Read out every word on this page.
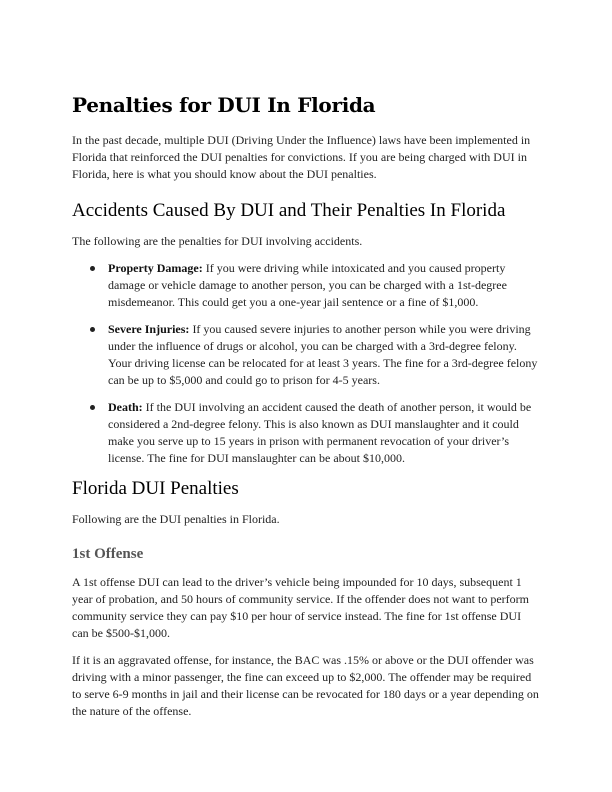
Penalties for DUI In Florida

In the past decade, multiple DUI (Driving Under the Influence) laws have been implemented in Florida that reinforced the DUI penalties for convictions. If you are being charged with DUI in Florida, here is what you should know about the DUI penalties.

Accidents Caused By DUI and Their Penalties In Florida

The following are the penalties for DUI involving accidents.

Property Damage: If you were driving while intoxicated and you caused property damage or vehicle damage to another person, you can be charged with a 1st-degree misdemeanor. This could get you a one-year jail sentence or a fine of $1,000.
Severe Injuries: If you caused severe injuries to another person while you were driving under the influence of drugs or alcohol, you can be charged with a 3rd-degree felony. Your driving license can be relocated for at least 3 years. The fine for a 3rd-degree felony can be up to $5,000 and could go to prison for 4-5 years.
Death: If the DUI involving an accident caused the death of another person, it would be considered a 2nd-degree felony. This is also known as DUI manslaughter and it could make you serve up to 15 years in prison with permanent revocation of your driver’s license. The fine for DUI manslaughter can be about $10,000.
Florida DUI Penalties

Following are the DUI penalties in Florida.

1st Offense

A 1st offense DUI can lead to the driver’s vehicle being impounded for 10 days, subsequent 1 year of probation, and 50 hours of community service. If the offender does not want to perform community service they can pay $10 per hour of service instead. The fine for 1st offense DUI can be $500-$1,000.

If it is an aggravated offense, for instance, the BAC was .15% or above or the DUI offender was driving with a minor passenger, the fine can exceed up to $2,000. The offender may be required to serve 6-9 months in jail and their license can be revocated for 180 days or a year depending on the nature of the offense.
